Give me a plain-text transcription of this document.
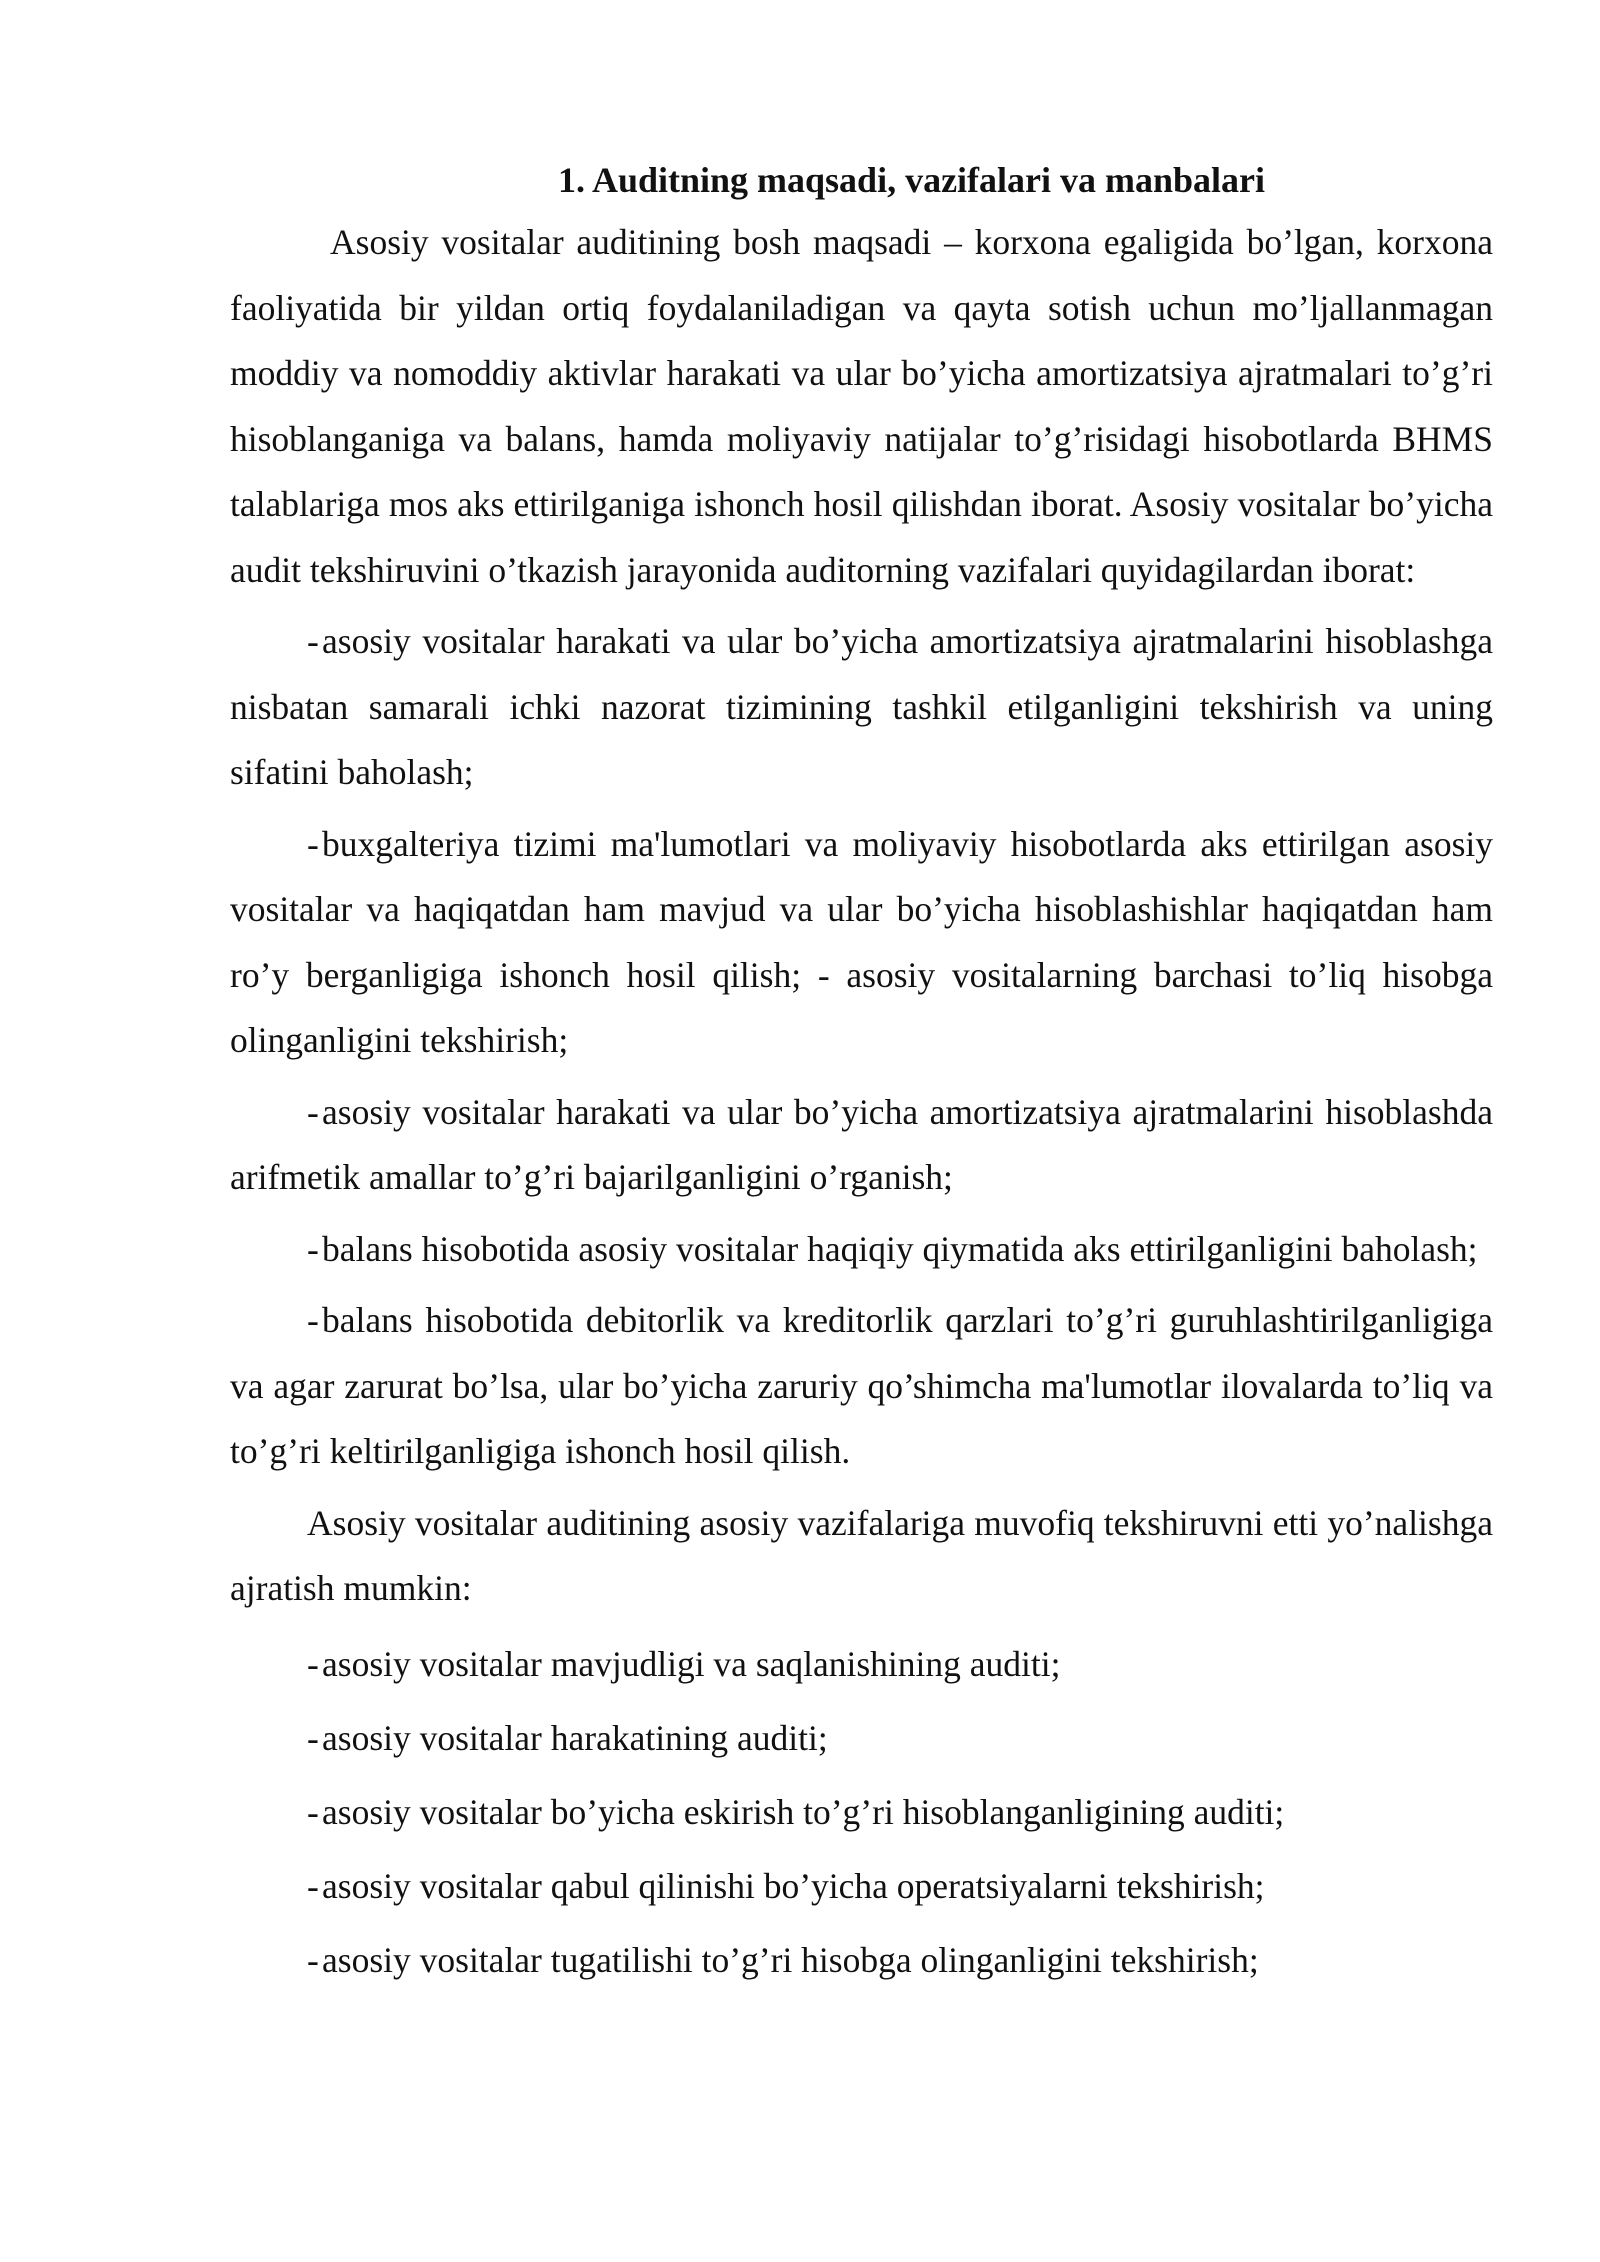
1. Auditning maqsadi, vazifalari va manbalari

Asosiy vositalar auditining bosh maqsadi – korxona egaligida bo’lgan, korxona faoliyatida bir yildan ortiq foydalaniladigan va qayta sotish uchun mo’ljallanmagan moddiy va nomoddiy aktivlar harakati va ular bo’yicha amortizatsiya ajratmalari to’g’ri hisoblanganiga va balans, hamda moliyaviy natijalar to’g’risidagi hisobotlarda BHMS talablariga mos aks ettirilganiga ishonch hosil qilishdan iborat. Asosiy vositalar bo’yicha audit tekshiruvini o’tkazish jarayonida auditorning vazifalari quyidagilardan iborat:

-asosiy vositalar harakati va ular bo’yicha amortizatsiya ajratmalarini hisoblashga nisbatan samarali ichki nazorat tizimining tashkil etilganligini tekshirish va uning sifatini baholash;

-buxgalteriya tizimi ma'lumotlari va moliyaviy hisobotlarda aks ettirilgan asosiy vositalar va haqiqatdan ham mavjud va ular bo’yicha hisoblashishlar haqiqatdan ham ro’y berganligiga ishonch hosil qilish; - asosiy vositalarning barchasi to’liq hisobga olinganligini tekshirish;

-asosiy vositalar harakati va ular bo’yicha amortizatsiya ajratmalarini hisoblashda arifmetik amallar to’g’ri bajarilganligini o’rganish;

-balans hisobotida asosiy vositalar haqiqiy qiymatida aks ettirilganligini baholash;

-balans hisobotida debitorlik va kreditorlik qarzlari to’g’ri guruhlashtirilganligiga va agar zarurat bo’lsa, ular bo’yicha zaruriy qo’shimcha ma'lumotlar ilovalarda to’liq va to’g’ri keltirilganligiga ishonch hosil qilish.

Asosiy vositalar auditining asosiy vazifalariga muvofiq tekshiruvni etti yo’nalishga ajratish mumkin:

-asosiy vositalar mavjudligi va saqlanishining auditi;

-asosiy vositalar harakatining auditi;

-asosiy vositalar bo’yicha eskirish to’g’ri hisoblanganligining auditi;

-asosiy vositalar qabul qilinishi bo’yicha operatsiyalarni tekshirish;

-asosiy vositalar tugatilishi to’g’ri hisobga olinganligini tekshirish;
